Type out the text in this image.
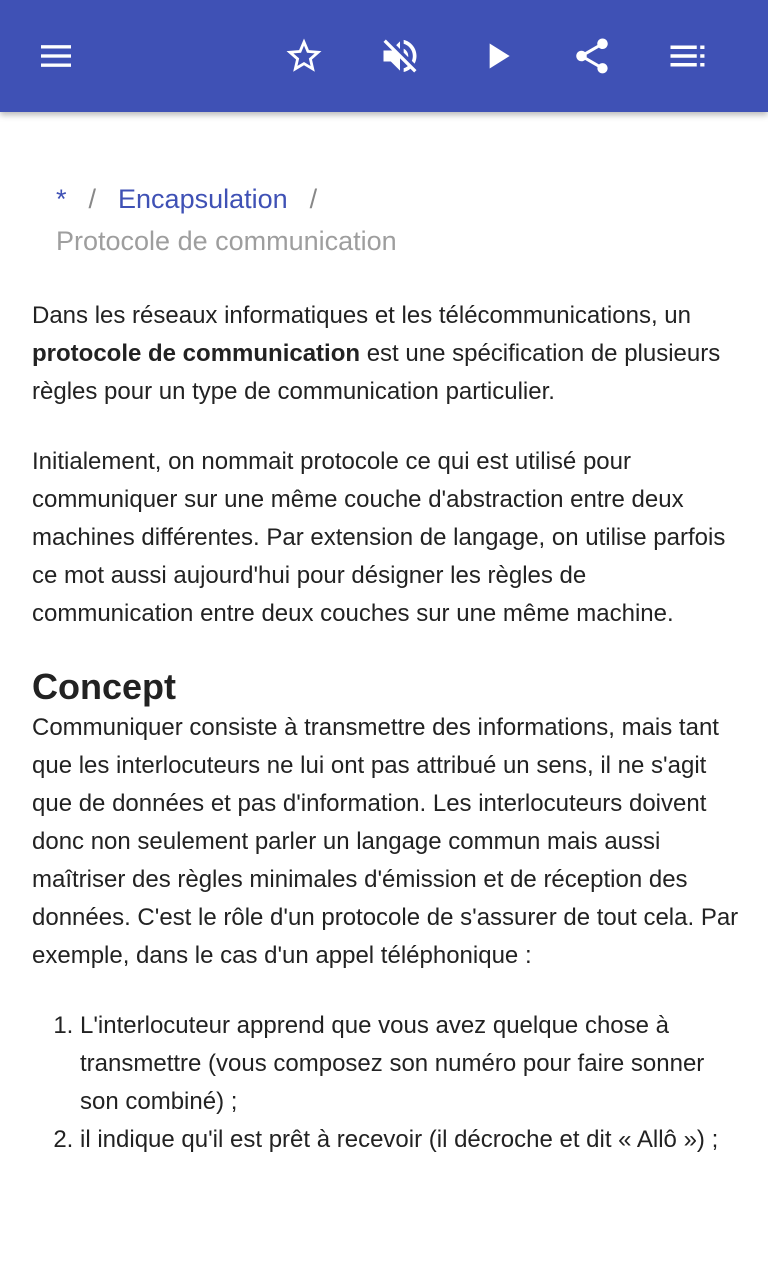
* / Encapsulation /
Protocole de communication

Dans les réseaux informatiques et les télécommunications, un protocole de communication est une spécification de plusieurs règles pour un type de communication particulier.

Initialement, on nommait protocole ce qui est utilisé pour communiquer sur une même couche d'abstraction entre deux machines différentes. Par extension de langage, on utilise parfois ce mot aussi aujourd'hui pour désigner les règles de communication entre deux couches sur une même machine.

Concept

Communiquer consiste à transmettre des informations, mais tant que les interlocuteurs ne lui ont pas attribué un sens, il ne s'agit que de données et pas d'information. Les interlocuteurs doivent donc non seulement parler un langage commun mais aussi maîtriser des règles minimales d'émission et de réception des données. C'est le rôle d'un protocole de s'assurer de tout cela. Par exemple, dans le cas d'un appel téléphonique :

1. L'interlocuteur apprend que vous avez quelque chose à transmettre (vous composez son numéro pour faire sonner son combiné) ;
2. il indique qu'il est prêt à recevoir (il décroche et dit « Allô ») ;
